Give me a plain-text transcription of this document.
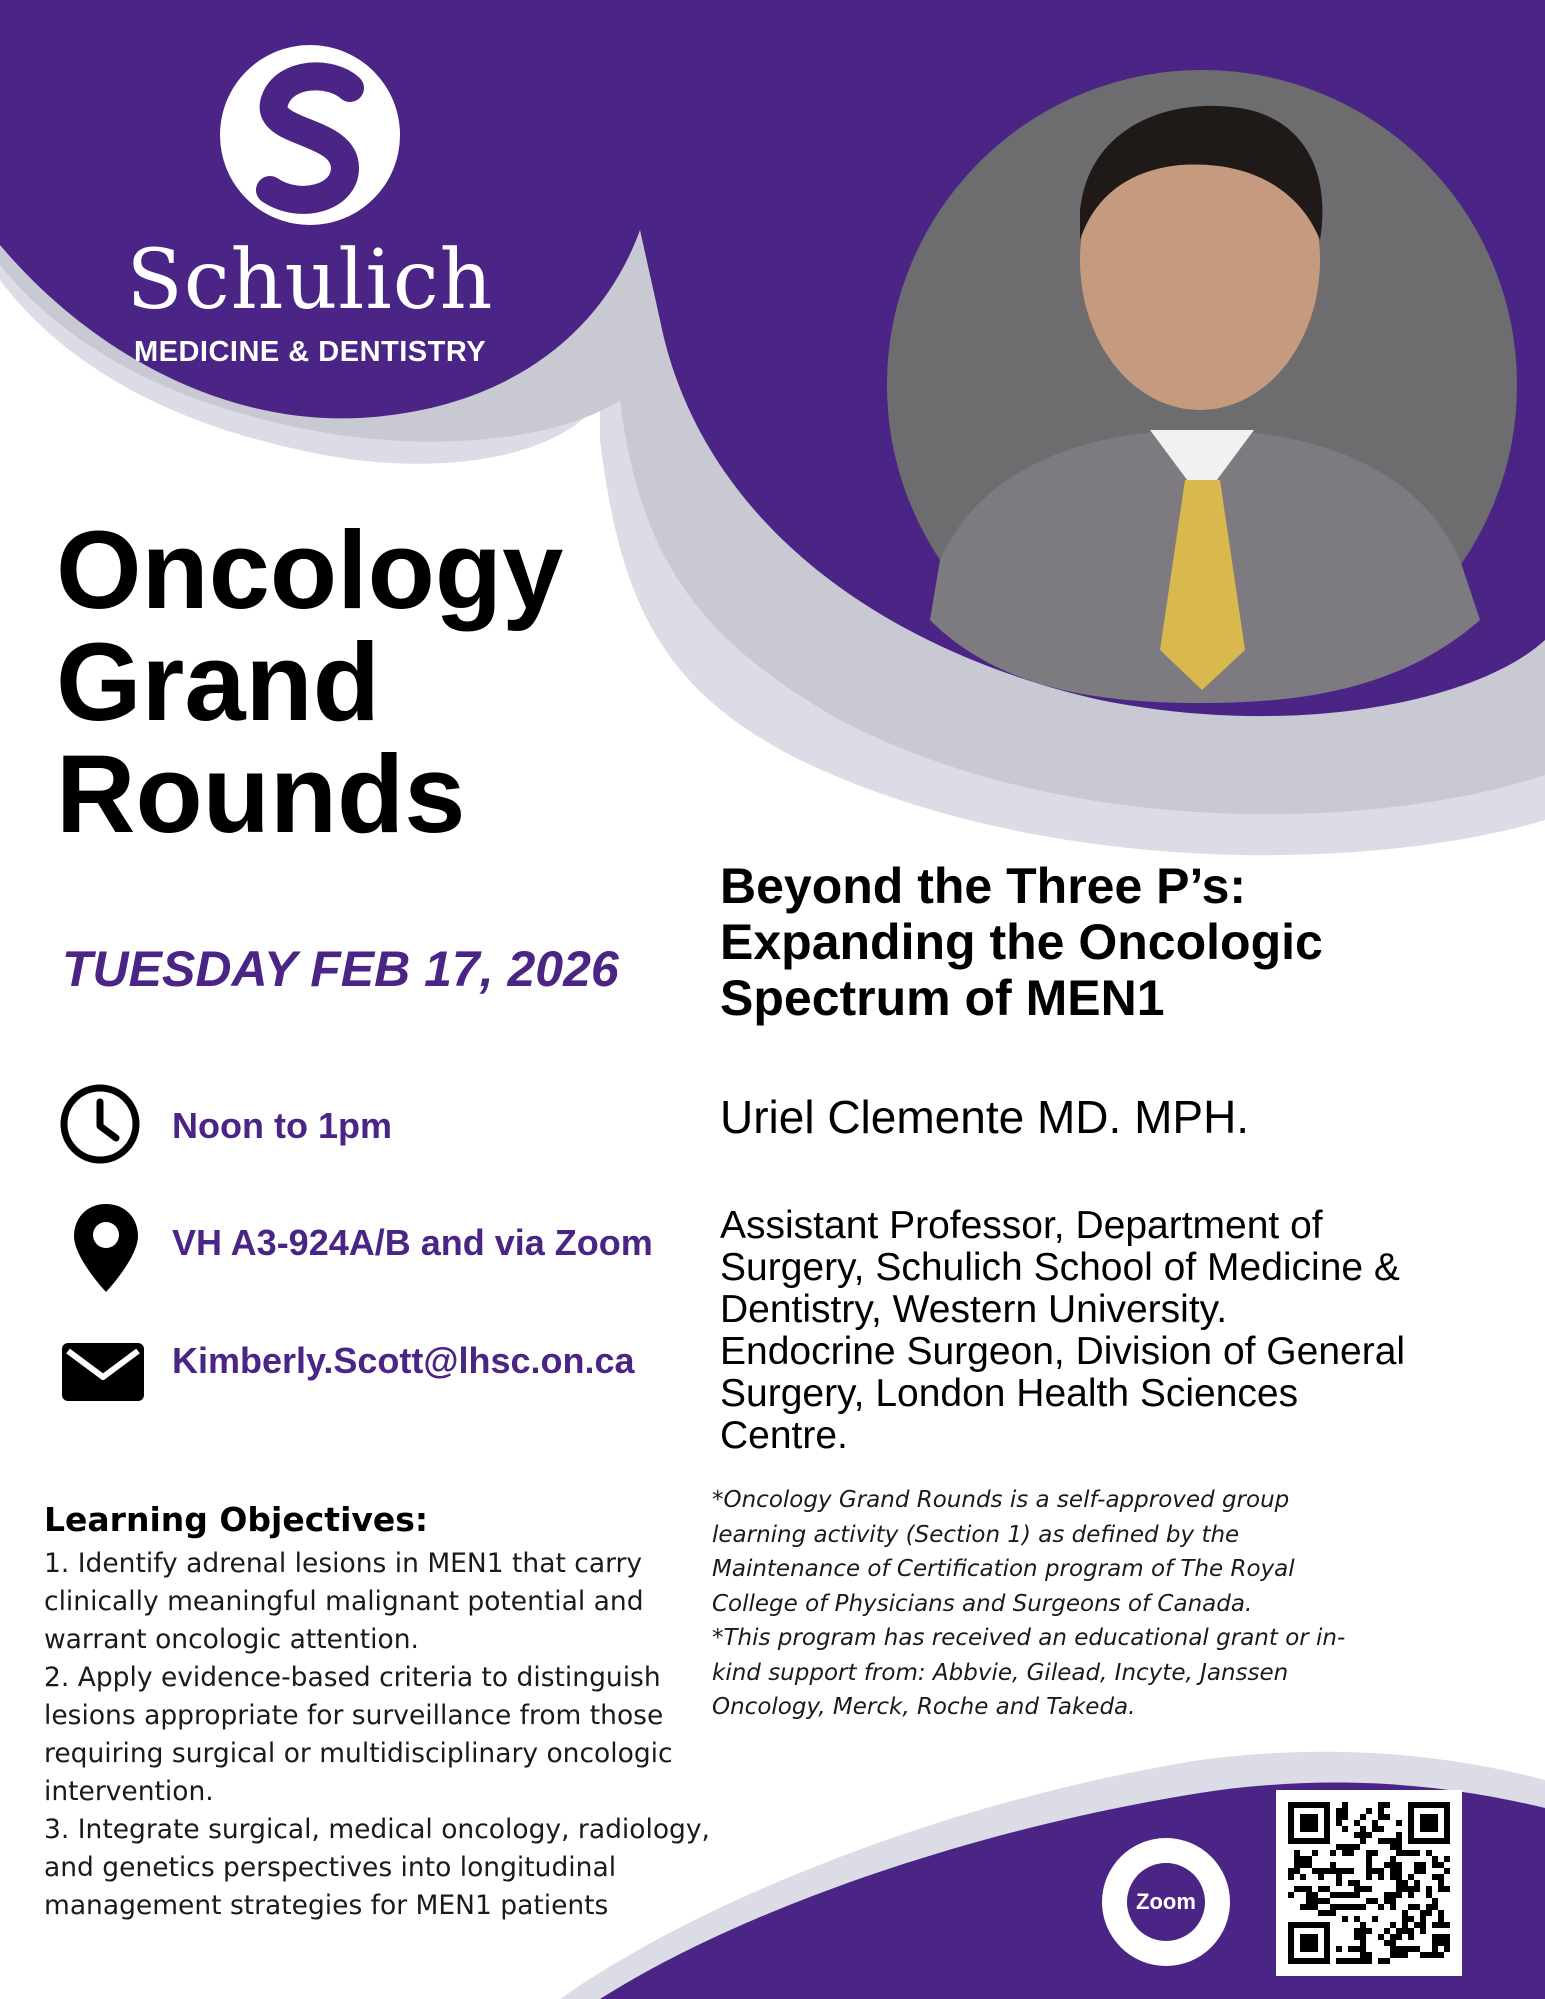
Schulich
MEDICINE & DENTISTRY
Oncology
Grand
Rounds
TUESDAY FEB 17, 2026
Beyond the Three P’s:
Expanding the Oncologic
Spectrum of MEN1
Uriel Clemente MD. MPH.
Assistant Professor, Department of
Surgery, Schulich School of Medicine &
Dentistry, Western University.
Endocrine Surgeon, Division of General
Surgery, London Health Sciences
Centre.
Noon to 1pm
VH A3-924A/B and via Zoom
Kimberly.Scott@lhsc.on.ca
Learning Objectives:
1. Identify adrenal lesions in MEN1 that carry
clinically meaningful malignant potential and
warrant oncologic attention.
2. Apply evidence-based criteria to distinguish
lesions appropriate for surveillance from those
requiring surgical or multidisciplinary oncologic
intervention.
3. Integrate surgical, medical oncology, radiology,
and genetics perspectives into longitudinal
management strategies for MEN1 patients
*Oncology Grand Rounds is a self-approved group
learning activity (Section 1) as defined by the
Maintenance of Certification program of The Royal
College of Physicians and Surgeons of Canada.
*This program has received an educational grant or in-
kind support from: Abbvie, Gilead, Incyte, Janssen
Oncology, Merck, Roche and Takeda.
Zoom
